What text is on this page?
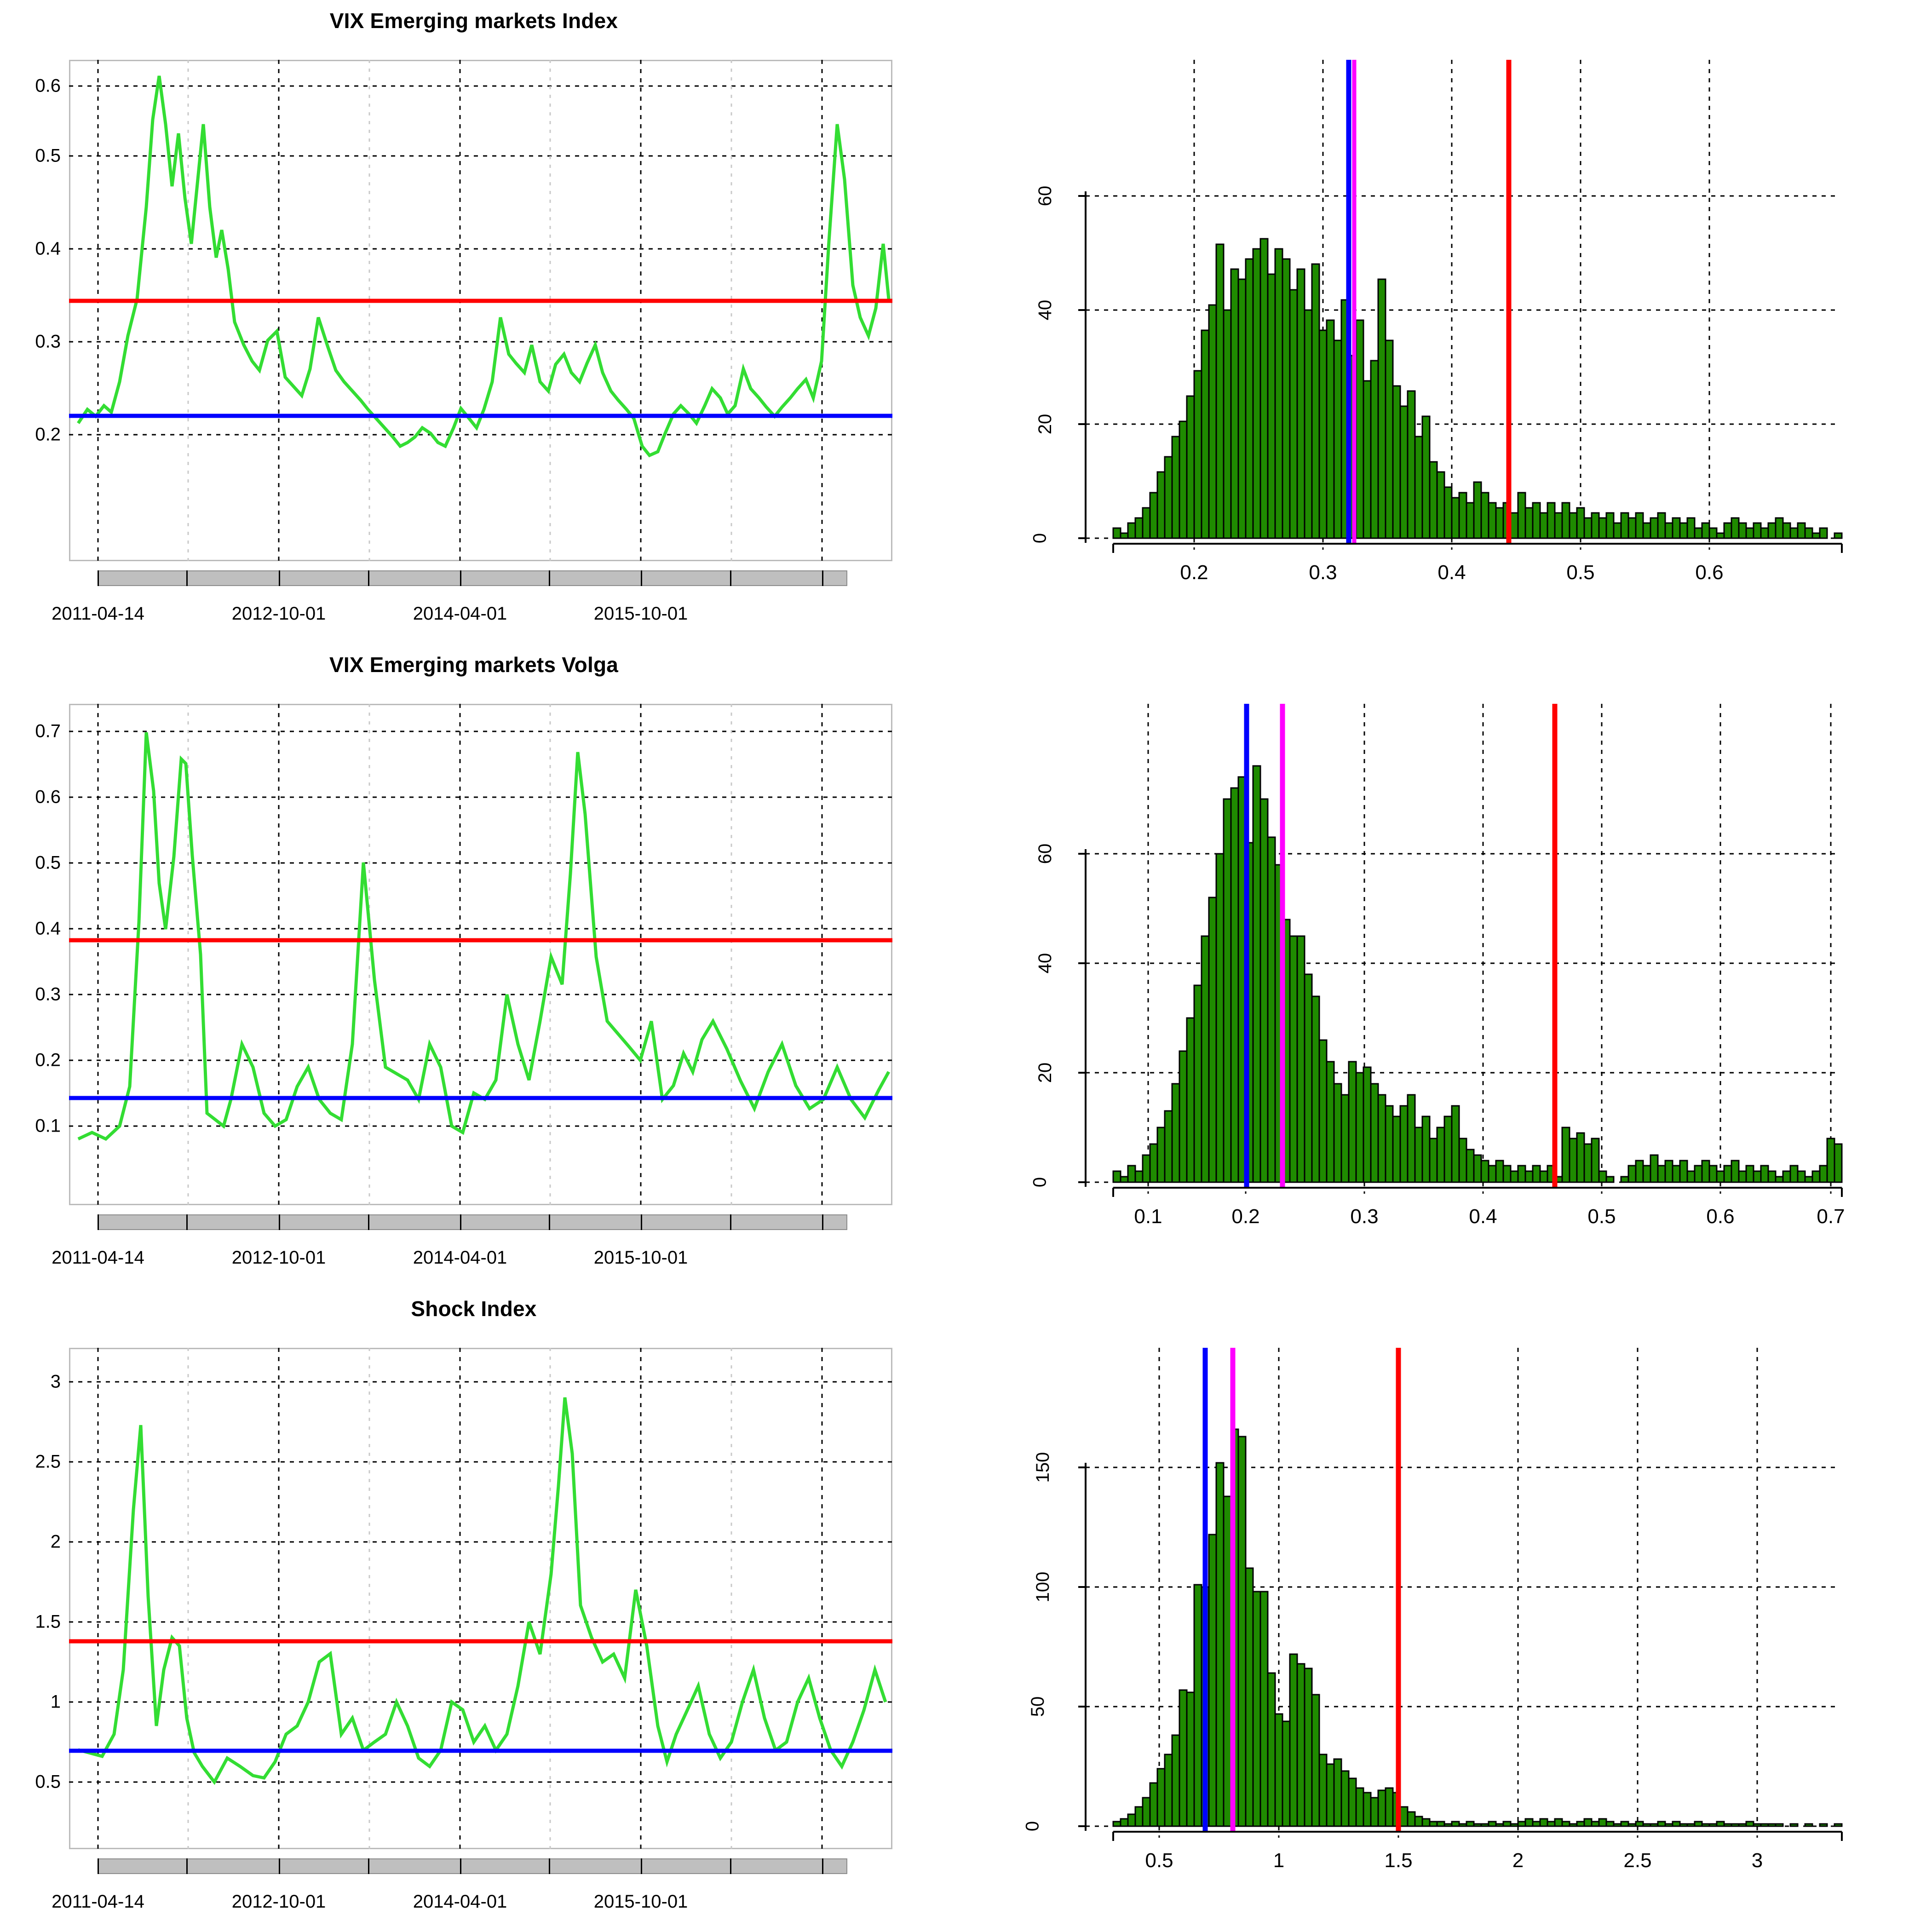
VIX Emerging markets Index
0.2
0.3
0.4
0.5
0.6
2011-04-14	2012-10-01	2014-04-01	2015-10-01
0
20
40
60
0.2	0.3	0.4	0.5	0.6
VIX Emerging markets Volga
0.1
0.2
0.3
0.4
0.5
0.6
0.7
2011-04-14	2012-10-01	2014-04-01	2015-10-01
0
20
40
60
0.1	0.2	0.3	0.4	0.5	0.6	0.7
Shock Index
0.5
1
1.5
2
2.5
3
2011-04-14	2012-10-01	2014-04-01	2015-10-01
0
50
100
150
0.5	1	1.5	2	2.5	3
